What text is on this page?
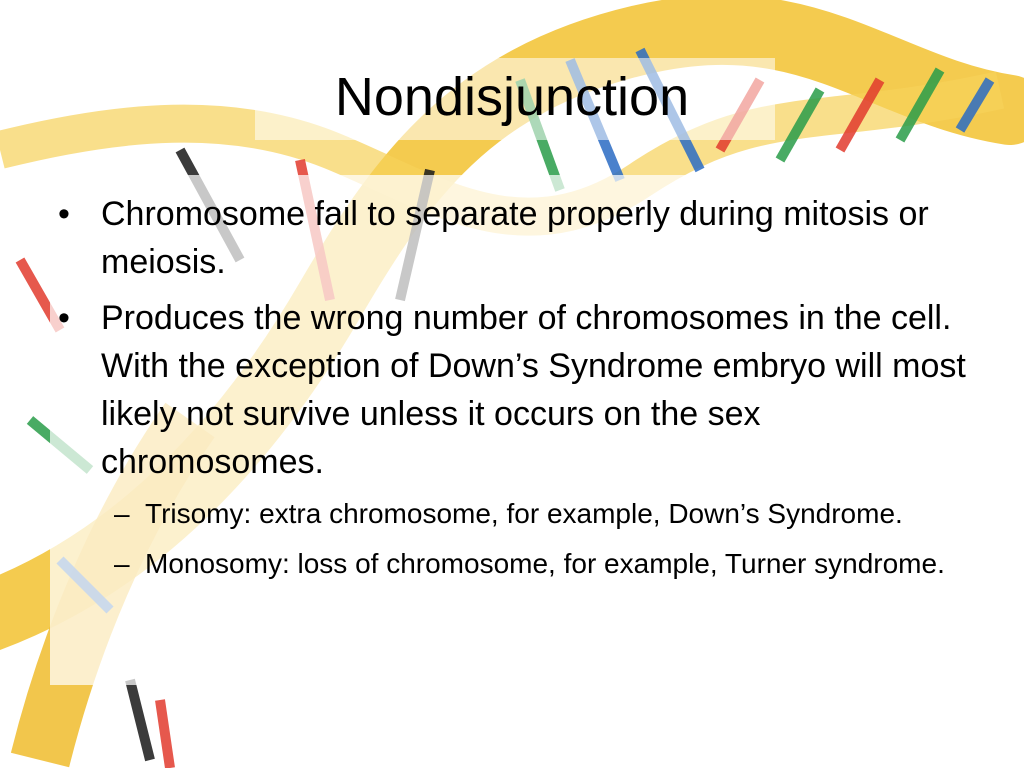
Nondisjunction
• Chromosome fail to separate properly during mitosis or meiosis.
• Produces the wrong number of chromosomes in the cell. With the exception of Down’s Syndrome embryo will most likely not survive unless it occurs on the sex chromosomes.
– Trisomy: extra chromosome, for example, Down’s Syndrome.
– Monosomy: loss of chromosome, for example, Turner syndrome.
